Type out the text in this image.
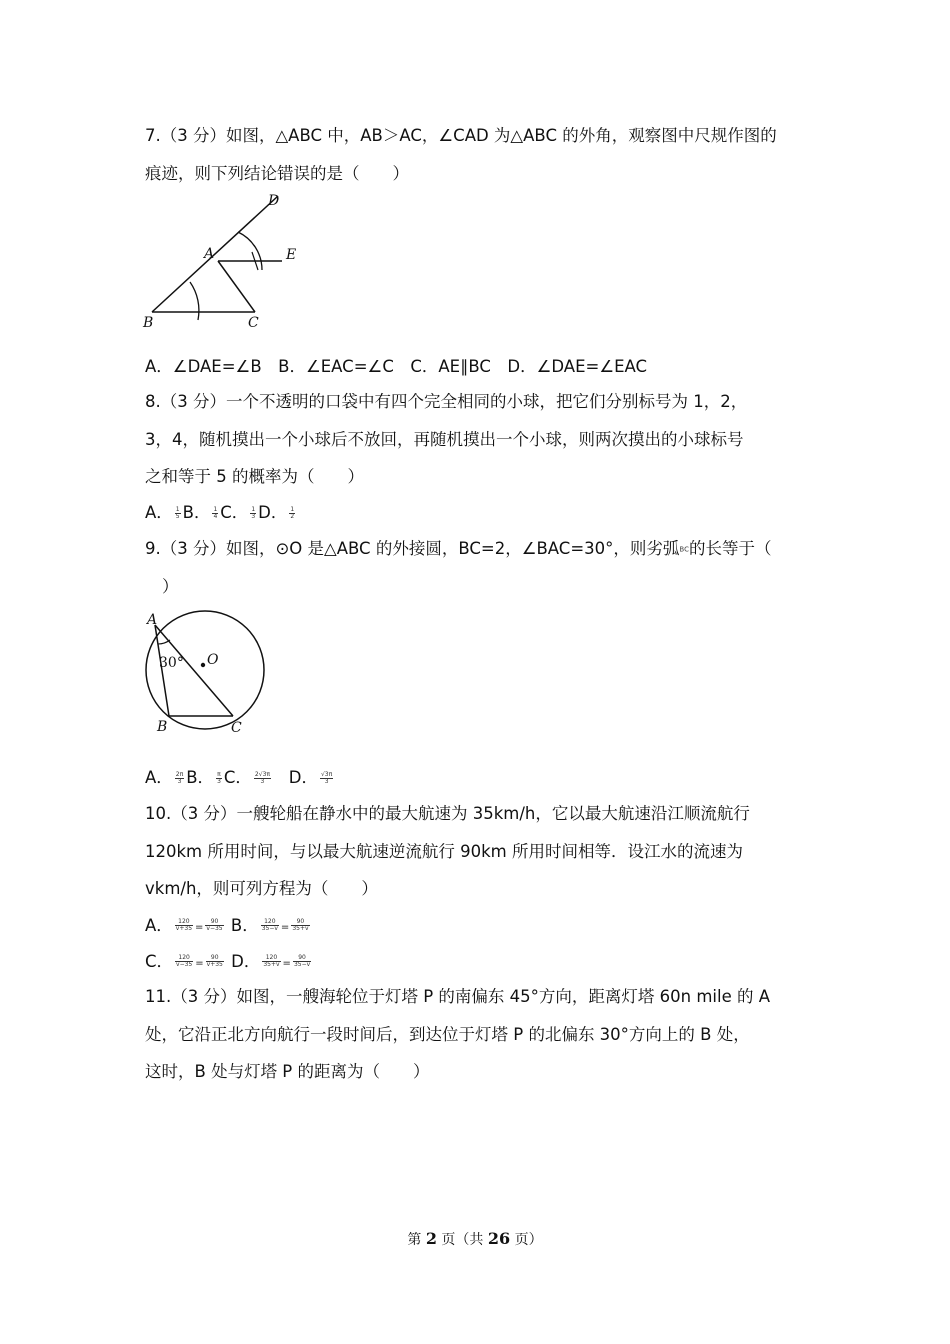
7.（3 分）如图，△ABC 中，AB＞AC，∠CAD 为△ABC 的外角，观察图中尺规作图的
痕迹，则下列结论错误的是（　　）
D
A	E
B	C
A．∠DAE=∠B　B．∠EAC=∠C　C．AE∥BC　D．∠DAE=∠EAC
8.（3 分）一个不透明的口袋中有四个完全相同的小球，把它们分别标号为 1，2，
3，4，随机摸出一个小球后不放回，再随机摸出一个小球，则两次摸出的小球标号
之和等于 5 的概率为（　　）
A． $\frac{1}{5}$ B． $\frac{1}{4}$ C． $\frac{1}{3}$ D． $\frac{1}{2}$
9.（3 分）如图，⊙O 是△ABC 的外接圆，BC=2，∠BAC=30°，则劣弧BC的长等于（
）
A
30° O
B	C
A． $\frac{2\pi}{3}$ B． $\frac{\pi}{3}$ C． $\frac{2√3\pi}{3}$ D． $\frac{√3\pi}{3}$
10.（3 分）一艘轮船在静水中的最大航速为 35km/h，它以最大航速沿江顺流航行
120km 所用时间，与以最大航速逆流航行 90km 所用时间相等．设江水的流速为
vkm/h，则可列方程为（　　）
A． $\frac{120}{v+35} = \frac{90}{v-35}$ B． $\frac{120}{35-v} = \frac{90}{35+v}$
C． $\frac{120}{v-35} = \frac{90}{v+35}$ D． $\frac{120}{35+v} = \frac{90}{35-v}$
11.（3 分）如图，一艘海轮位于灯塔 P 的南偏东 45°方向，距离灯塔 60n mile 的 A
处，它沿正北方向航行一段时间后，到达位于灯塔 P 的北偏东 30°方向上的 B 处，
这时，B 处与灯塔 P 的距离为（　　）
第 2 页（共 26 页）
